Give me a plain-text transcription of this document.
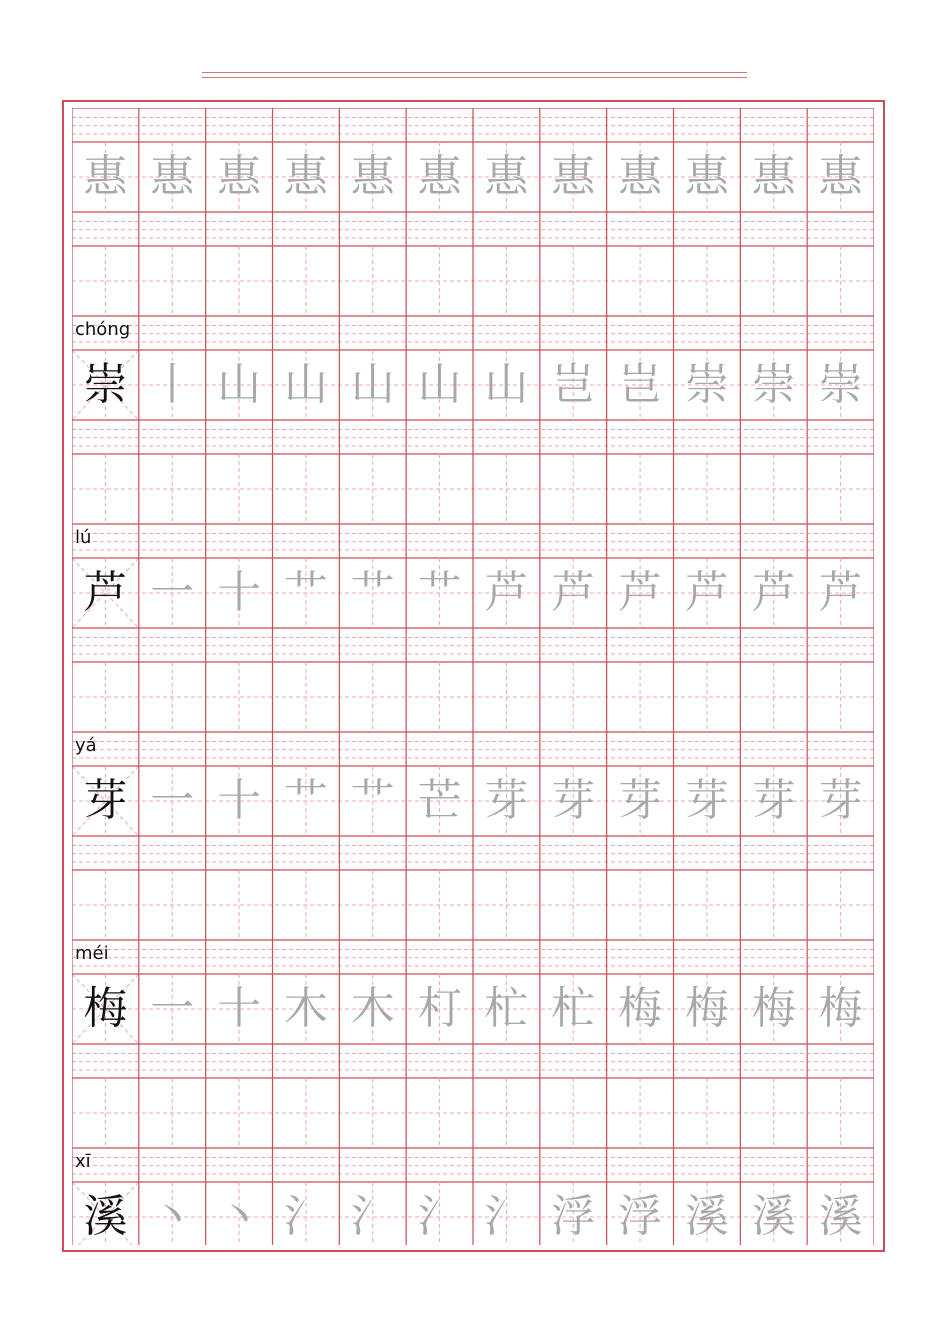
惠 惠 惠 惠 惠 惠 惠 惠 惠 惠 惠 惠
chóng
崇 丨 山 山 山 山 山 岂 岂 崇 崇 崇
lú
芦 一 十 艹 艹 艹 芦 芦 芦 芦 芦 芦
yá
芽 一 十 艹 艹 芒 芽 芽 芽 芽 芽 芽
méi
梅 一 十 木 木 朾 杧 杧 梅 梅 梅 梅
xī
溪 丶 丶 氵 氵 氵 氵 浮 浮 溪 溪 溪
